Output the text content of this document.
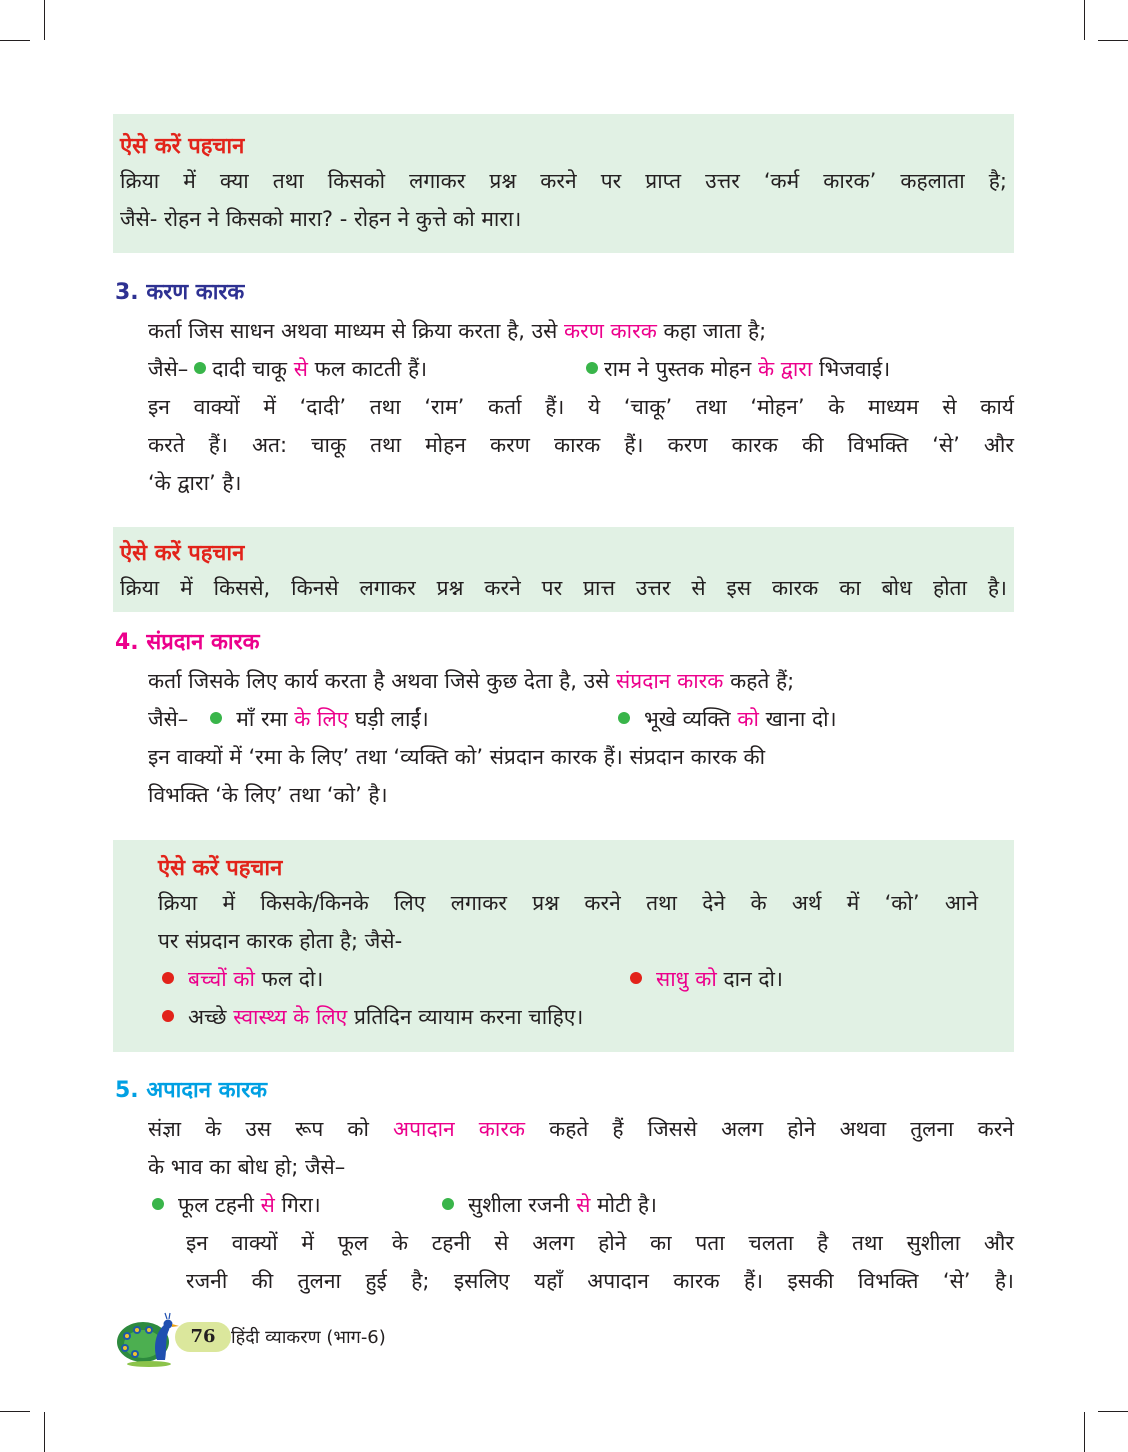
ऐसे करें पहचान
क्रिया में क्या तथा किसको लगाकर प्रश्न करने पर प्राप्त उत्तर ‘कर्म कारक’ कहलाता है;
जैसे- रोहन ने किसको मारा? - रोहन ने कुत्ते को मारा।
3. करण कारक
कर्ता जिस साधन अथवा माध्यम से क्रिया करता है, उसे करण कारक कहा जाता है;
जैसे– दादी चाकू से फल काटती हैं।	राम ने पुस्तक मोहन के द्वारा भिजवाई।
इन वाक्यों में ‘दादी’ तथा ‘राम’ कर्ता हैं। ये ‘चाकू’ तथा ‘मोहन’ के माध्यम से कार्य
करते हैं। अत: चाकू तथा मोहन करण कारक हैं। करण कारक की विभक्ति ‘से’ और
‘के द्वारा’ है।
ऐसे करें पहचान
क्रिया में किससे, किनसे लगाकर प्रश्न करने पर प्रात्त उत्तर से इस कारक का बोध होता है।
4. संप्रदान कारक
कर्ता जिसके लिए कार्य करता है अथवा जिसे कुछ देता है, उसे संप्रदान कारक कहते हैं;
जैसे– माँ रमा के लिए घड़ी लाईं।	भूखे व्यक्ति को खाना दो।
इन वाक्यों में ‘रमा के लिए’ तथा ‘व्यक्ति को’ संप्रदान कारक हैं। संप्रदान कारक की
विभक्ति ‘के लिए’ तथा ‘को’ है।
ऐसे करें पहचान
क्रिया में किसके/किनके लिए लगाकर प्रश्न करने तथा देने के अर्थ में ‘को’ आने
पर संप्रदान कारक होता है; जैसे-
बच्चों को फल दो।	साधु को दान दो।
अच्छे स्वास्थ्य के लिए प्रतिदिन व्यायाम करना चाहिए।
5. अपादान कारक
संज्ञा के उस रूप को अपादान कारक कहते हैं जिससे अलग होने अथवा तुलना करने
के भाव का बोध हो; जैसे–
फूल टहनी से गिरा।	सुशीला रजनी से मोटी है।
इन वाक्यों में फूल के टहनी से अलग होने का पता चलता है तथा सुशीला और
रजनी की तुलना हुई है; इसलिए यहाँ अपादान कारक हैं। इसकी विभक्ति ‘से’ है।
76 हिंदी व्याकरण (भाग-6)
